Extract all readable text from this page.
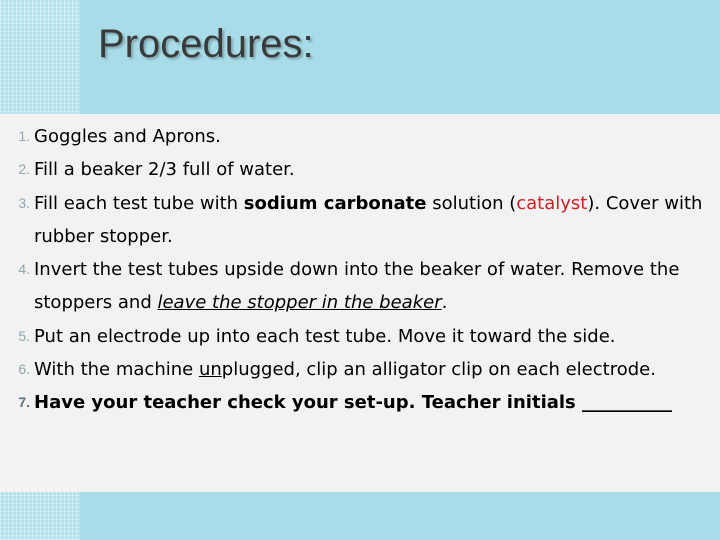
Procedures:
1. Goggles and Aprons.
2. Fill a beaker 2/3 full of water.
3. Fill each test tube with sodium carbonate solution (catalyst). Cover with rubber stopper.
4. Invert the test tubes upside down into the beaker of water. Remove the stoppers and leave the stopper in the beaker.
5. Put an electrode up into each test tube. Move it toward the side.
6. With the machine unplugged, clip an alligator clip on each electrode.
7. Have your teacher check your set-up. Teacher initials __________
